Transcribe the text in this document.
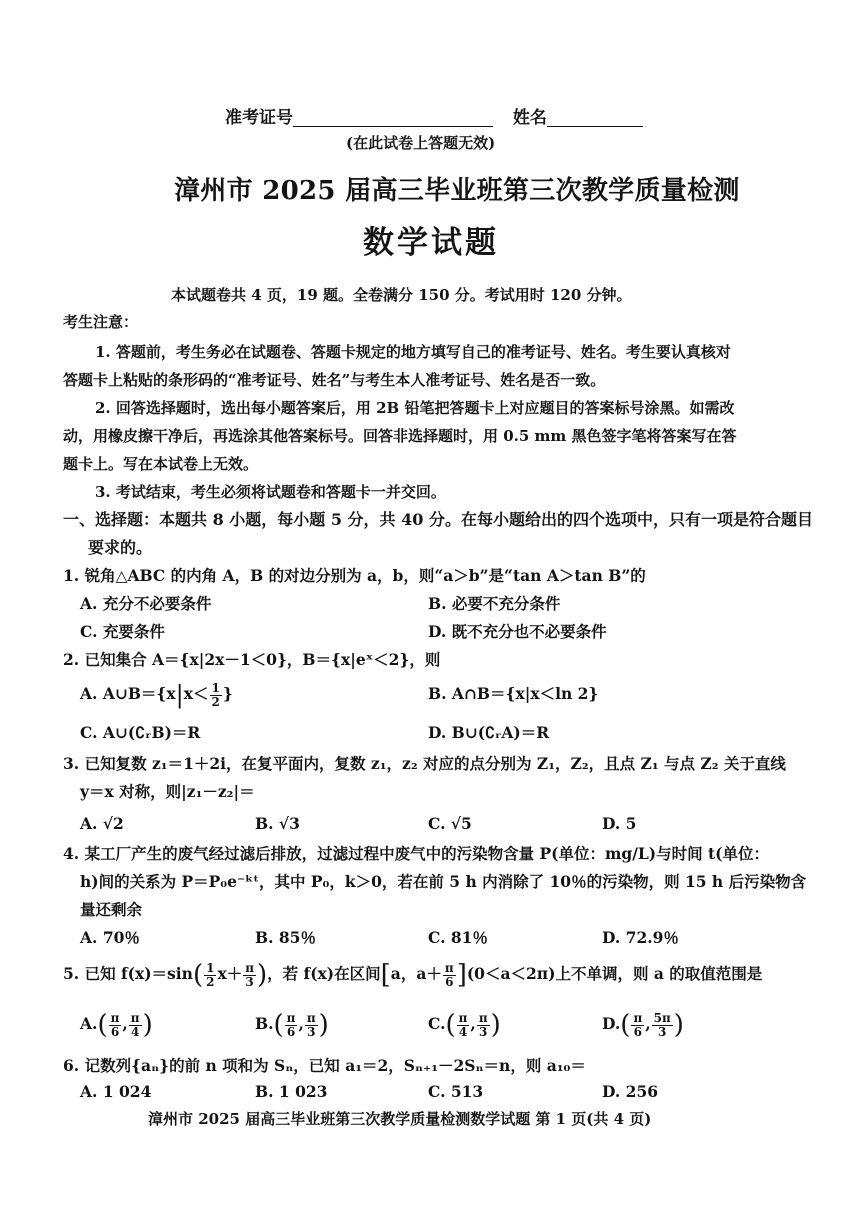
准考证号	姓名
(在此试卷上答题无效)
漳州市 2025 届高三毕业班第三次教学质量检测
数学试题
本试题卷共 4 页，19 题。全卷满分 150 分。考试用时 120 分钟。
考生注意：
1. 答题前，考生务必在试题卷、答题卡规定的地方填写自己的准考证号、姓名。考生要认真核对
答题卡上粘贴的条形码的“准考证号、姓名”与考生本人准考证号、姓名是否一致。
2. 回答选择题时，选出每小题答案后，用 2B 铅笔把答题卡上对应题目的答案标号涂黑。如需改
动，用橡皮擦干净后，再选涂其他答案标号。回答非选择题时，用 0.5 mm 黑色签字笔将答案写在答
题卡上。写在本试卷上无效。
3. 考试结束，考生必须将试题卷和答题卡一并交回。
一、选择题：本题共 8 小题，每小题 5 分，共 40 分。在每小题给出的四个选项中，只有一项是符合题目
要求的。
1. 锐角△ABC 的内角 A，B 的对边分别为 a，b，则“a＞b”是“tan A＞tan B”的
A. 充分不必要条件	B. 必要不充分条件
C. 充要条件	D. 既不充分也不必要条件
2. 已知集合 A＝{x|2x－1＜0}，B＝{x|eˣ＜2}，则
A. A∪B＝{x|x＜ $\frac{1}{2}$ }	B. A∩B＝{x|x＜ln 2}
C. A∪(∁ᵣB)＝R	D. B∪(∁ᵣA)＝R
3. 已知复数 z₁＝1＋2i，在复平面内，复数 z₁，z₂ 对应的点分别为 Z₁，Z₂，且点 Z₁ 与点 Z₂ 关于直线
y＝x 对称，则|z₁－z₂|＝
A. √2	B. √3	C. √5	D. 5
4. 某工厂产生的废气经过滤后排放，过滤过程中废气中的污染物含量 P(单位：mg/L)与时间 t(单位：
h)间的关系为 P＝P₀e⁻ᵏᵗ，其中 P₀，k＞0，若在前 5 h 内消除了 10％的污染物，则 15 h 后污染物含
量还剩余
A. 70％	B. 85％	C. 81％	D. 72.9％
5. 已知 $f(x)=\sin( \frac{1}{2} x+ \frac{\pi}{3}$ )，若 f(x)在区间[a，$a+ \frac{\pi}{6} ](0<a<2\pi)$上不单调，则 a 的取值范围是
$A.( \frac{\pi}{6}$ , $\frac{\pi}{4}$ )	$B.( \frac{\pi}{6}$ , $\frac{\pi}{3}$ )	$C.( \frac{\pi}{4}$ , $\frac{\pi}{3}$ )	$D.( \frac{\pi}{6}$ , $\frac{5\pi}{3}$ )
6. 记数列{aₙ}的前 n 项和为 Sₙ，已知 a₁＝2，Sₙ₊₁－2Sₙ＝n，则 a₁₀＝
A. 1 024	B. 1 023	C. 513	D. 256
漳州市 2025 届高三毕业班第三次教学质量检测数学试题 第 1 页(共 4 页)
